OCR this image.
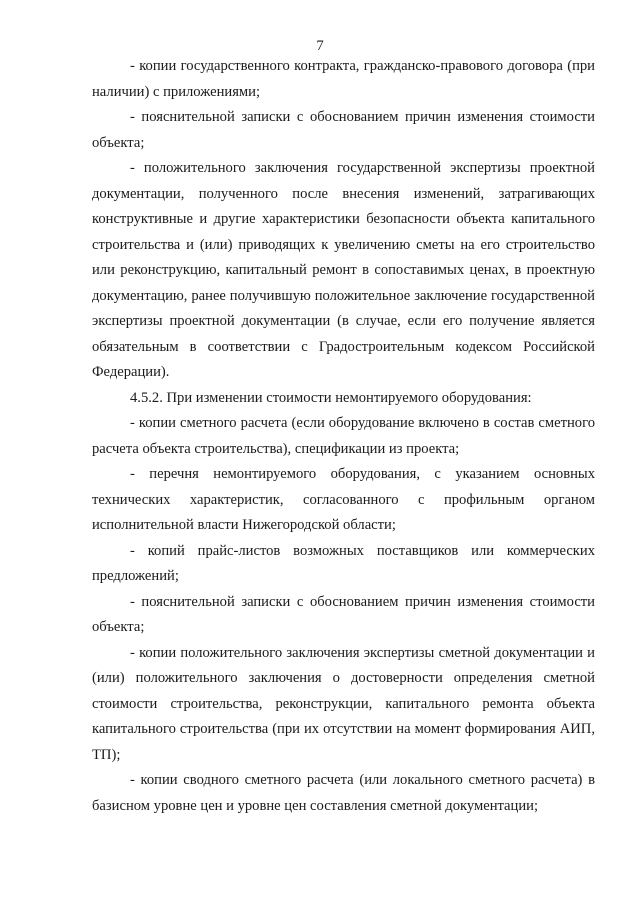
7

- копии государственного контракта, гражданско-правового договора (при наличии) с приложениями;

- пояснительной записки с обоснованием причин изменения стоимости объекта;

- положительного заключения государственной экспертизы проектной документации, полученного после внесения изменений, затрагивающих конструктивные и другие характеристики безопасности объекта капитального строительства и (или) приводящих к увеличению сметы на его строительство или реконструкцию, капитальный ремонт в сопоставимых ценах, в проектную документацию, ранее получившую положительное заключение государственной экспертизы проектной документации (в случае, если его получение является обязательным в соответствии с Градостроительным кодексом Российской Федерации).

4.5.2. При изменении стоимости немонтируемого оборудования:

- копии сметного расчета (если оборудование включено в состав сметного расчета объекта строительства), спецификации из проекта;

- перечня немонтируемого оборудования, с указанием основных технических характеристик, согласованного с профильным органом исполнительной власти Нижегородской области;

- копий прайс-листов возможных поставщиков или коммерческих предложений;

- пояснительной записки с обоснованием причин изменения стоимости объекта;

- копии положительного заключения экспертизы сметной документации и (или) положительного заключения о достоверности определения сметной стоимости строительства, реконструкции, капитального ремонта объекта капитального строительства (при их отсутствии на момент формирования АИП, ТП);

- копии сводного сметного расчета (или локального сметного расчета) в базисном уровне цен и уровне цен составления сметной документации;
